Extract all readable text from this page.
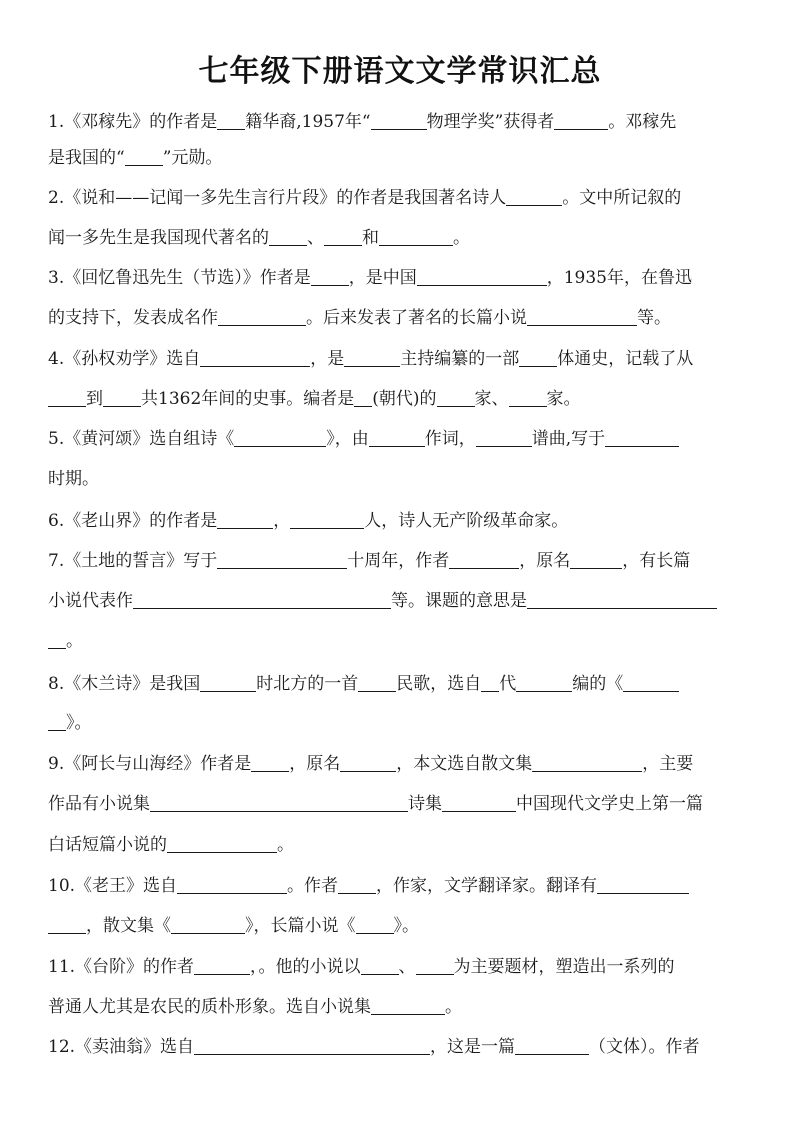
七年级下册语文文学常识汇总
1.《邓稼先》的作者是 籍华裔,1957年“	物理学奖”获得者	。邓稼先
是我国的“ ”元勋。
2.《说和——记闻一多先生言行片段》的作者是我国著名诗人	。文中所记叙的
闻一多先生是我国现代著名的 、 和	。
3.《回忆鲁迅先生（节选）》作者是 ，是中国	，1935年，在鲁迅
的支持下，发表成名作	。后来发表了著名的长篇小说	等。
4.《孙权劝学》选自	，是	主持编纂的一部 体通史，记载了从
到 共1362年间的史事。编者是 (朝代)的 家、 家。
5.《黄河颂》选自组诗《	》，由	作词，	谱曲,写于
时期。
6.《老山界》的作者是	，	人，诗人无产阶级革命家。
7.《土地的誓言》写于	十周年，作者	，原名	，有长篇
小说代表作	等。课题的意思是
。
8.《木兰诗》是我国	时北方的一首 民歌，选自 代	编的《
》。
9.《阿长与山海经》作者是 ，原名	，本文选自散文集	，主要
作品有小说集	诗集	中国现代文学史上第一篇
白话短篇小说的	。
10.《老王》选自	。作者 ，作家，文学翻译家。翻译有
，散文集《	》，长篇小说《 》。
11.《台阶》的作者	，。他的小说以 、 为主要题材，塑造出一系列的
普通人尤其是农民的质朴形象。选自小说集	。
12.《卖油翁》选自	，这是一篇	（文体）。作者
